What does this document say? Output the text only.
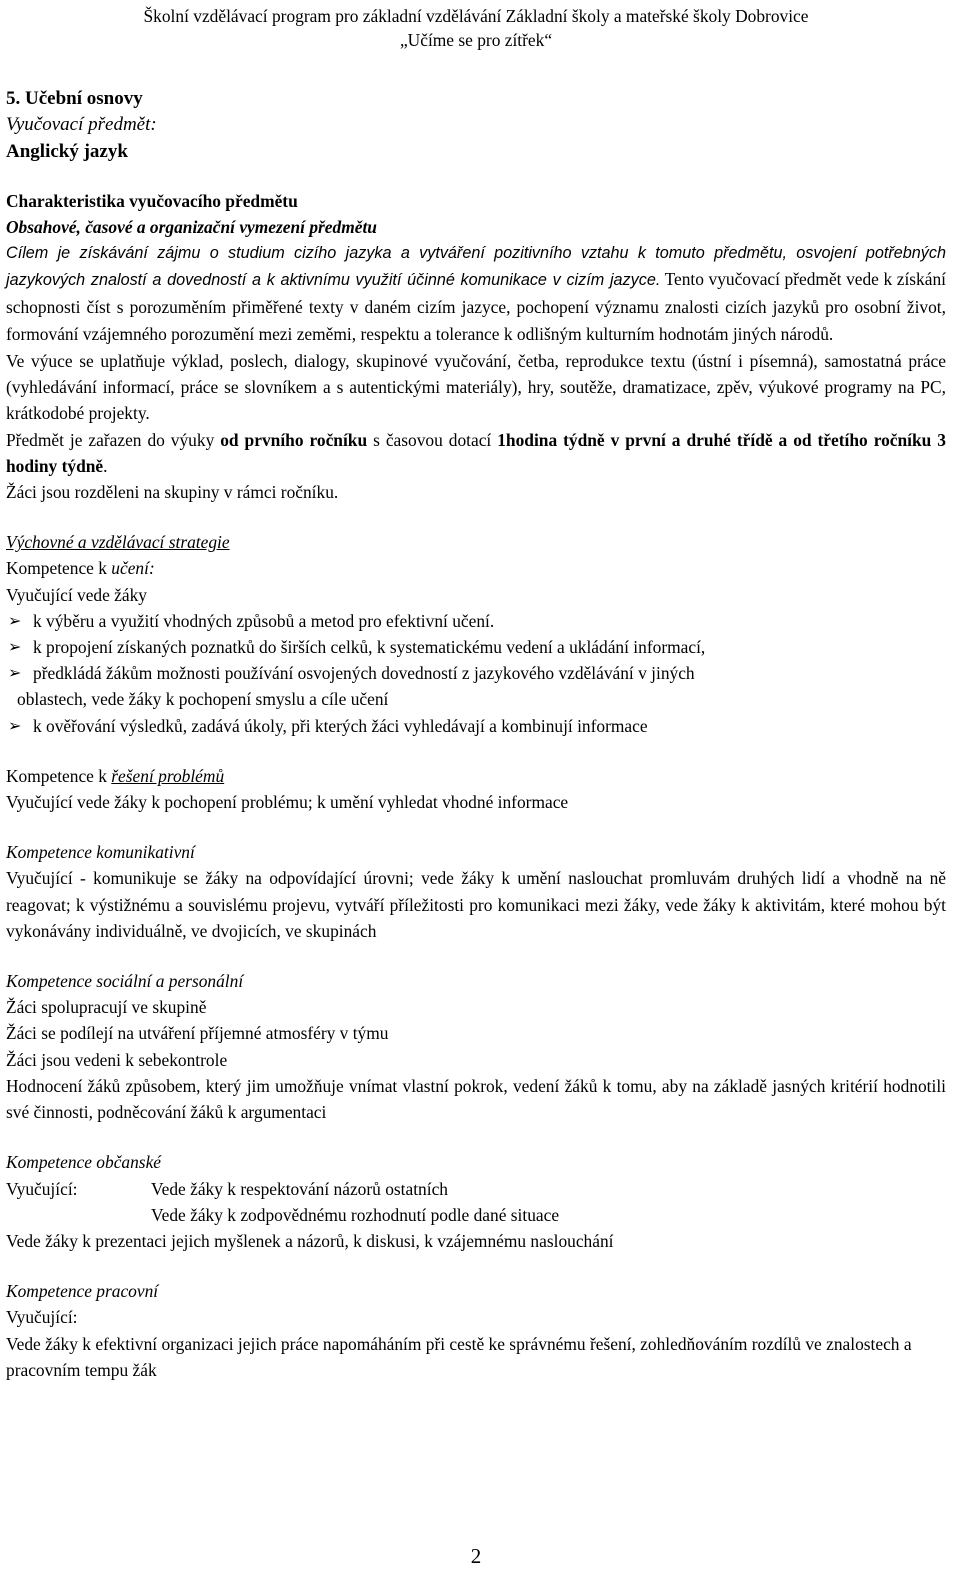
Školní vzdělávací program pro základní vzdělávání Základní školy a mateřské školy Dobrovice
„Učíme se pro zítřek“
5. Učební osnovy
Vyučovací předmět:
Anglický jazyk
Charakteristika vyučovacího předmětu
Obsahové, časové a organizační vymezení předmětu

Cílem je získávání zájmu o studium cizího jazyka a vytváření pozitivního vztahu k tomuto předmětu, osvojení potřebných jazykových znalostí a dovedností a k aktivnímu využití účinné komunikace v cizím jazyce. Tento vyučovací předmět vede k získání schopnosti číst s porozuměním přiměřené texty v daném cizím jazyce, pochopení významu znalosti cizích jazyků pro osobní život, formování vzájemného porozumění mezi zeměmi, respektu a tolerance k odlišným kulturním hodnotám jiných národů.

Ve výuce se uplatňuje výklad, poslech, dialogy, skupinové vyučování, četba, reprodukce textu (ústní i písemná), samostatná práce (vyhledávání informací, práce se slovníkem a s autentickými materiály), hry, soutěže, dramatizace, zpěv, výukové programy na PC, krátkodobé projekty.

Předmět je zařazen do výuky od prvního ročníku s časovou dotací 1hodina týdně v první a druhé třídě a od třetího ročníku 3 hodiny týdně.

Žáci jsou rozděleni na skupiny v rámci ročníku.

Výchovné a vzdělávací strategie
Kompetence k učení:
Vyučující vede žáky
➢ k výběru a využití vhodných způsobů a metod pro efektivní učení.
➢ k propojení získaných poznatků do širších celků, k systematickému vedení a ukládání informací,
➢ předkládá žákům možnosti používání osvojených dovedností z jazykového vzdělávání v jiných
oblastech, vede žáky k pochopení smyslu a cíle učení
➢ k ověřování výsledků, zadává úkoly, při kterých žáci vyhledávají a kombinují informace
Kompetence k řešení problémů
Vyučující vede žáky k pochopení problému; k umění vyhledat vhodné informace
Kompetence komunikativní

Vyučující - komunikuje se žáky na odpovídající úrovni; vede žáky k umění naslouchat promluvám druhých lidí a vhodně na ně reagovat; k výstižnému a souvislému projevu, vytváří příležitosti pro komunikaci mezi žáky, vede žáky k aktivitám, které mohou být vykonávány individuálně, ve dvojicích, ve skupinách

Kompetence sociální a personální
Žáci spolupracují ve skupině
Žáci se podílejí na utváření příjemné atmosféry v týmu
Žáci jsou vedeni k sebekontrole

Hodnocení žáků způsobem, který jim umožňuje vnímat vlastní pokrok, vedení žáků k tomu, aby na základě jasných kritérií hodnotili své činnosti, podněcování žáků k argumentaci

Kompetence občanské
Vyučující:	Vede žáky k respektování názorů ostatních
Vede žáky k zodpovědnému rozhodnutí podle dané situace
Vede žáky k prezentaci jejich myšlenek a názorů, k diskusi, k vzájemnému naslouchání
Kompetence pracovní
Vyučující:

Vede žáky k efektivní organizaci jejich práce napomáháním při cestě ke správnému řešení, zohledňováním rozdílů ve znalostech a pracovním tempu žák

2
